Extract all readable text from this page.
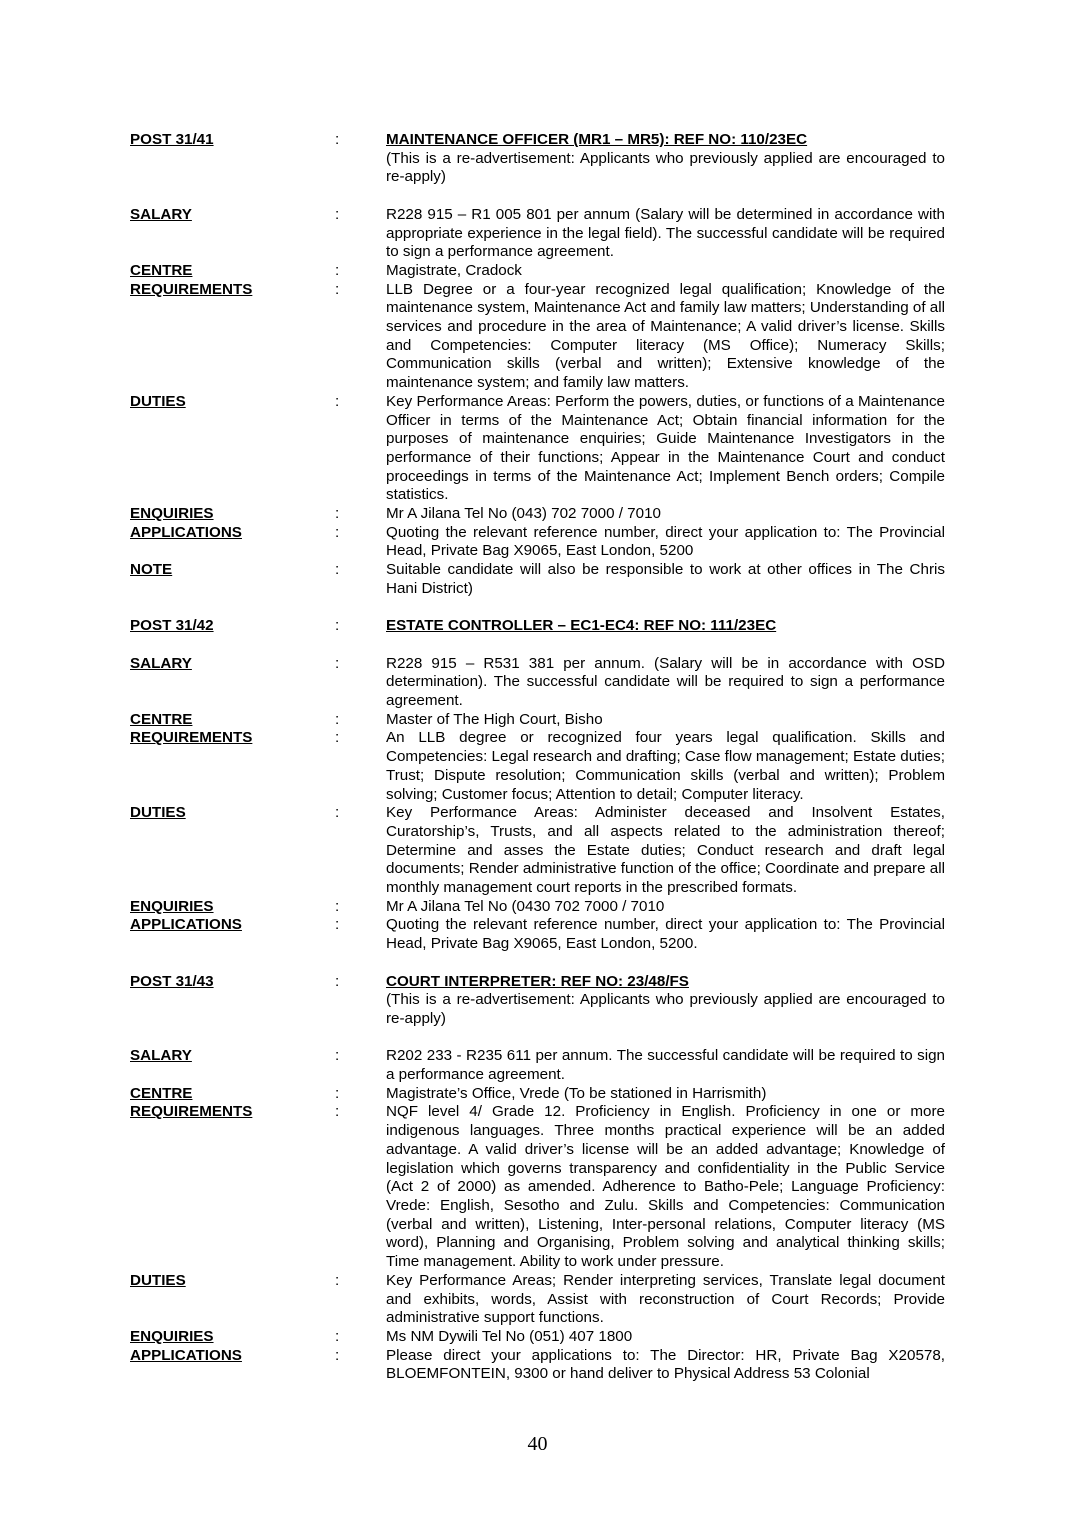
POST 31/41	:	MAINTENANCE OFFICER (MR1 – MR5): REF NO: 110/23EC
(This is a re-advertisement: Applicants who previously applied are encouraged to re-apply)
SALARY	:	R228 915 – R1 005 801 per annum (Salary will be determined in accordance with appropriate experience in the legal field). The successful candidate will be required to sign a performance agreement.
CENTRE	:	Magistrate, Cradock
REQUIREMENTS	:	LLB Degree or a four-year recognized legal qualification; Knowledge of the maintenance system, Maintenance Act and family law matters; Understanding of all services and procedure in the area of Maintenance; A valid driver’s license. Skills and Competencies: Computer literacy (MS Office); Numeracy Skills; Communication skills (verbal and written); Extensive knowledge of the maintenance system; and family law matters.
DUTIES	:	Key Performance Areas: Perform the powers, duties, or functions of a Maintenance Officer in terms of the Maintenance Act; Obtain financial information for the purposes of maintenance enquiries; Guide Maintenance Investigators in the performance of their functions; Appear in the Maintenance Court and conduct proceedings in terms of the Maintenance Act; Implement Bench orders; Compile statistics.
ENQUIRIES	:	Mr A Jilana Tel No (043) 702 7000 / 7010
APPLICATIONS	:	Quoting the relevant reference number, direct your application to: The Provincial Head, Private Bag X9065, East London, 5200
NOTE	:	Suitable candidate will also be responsible to work at other offices in The Chris Hani District)
POST 31/42	:	ESTATE CONTROLLER – EC1-EC4: REF NO: 111/23EC
SALARY	:	R228 915 – R531 381 per annum. (Salary will be in accordance with OSD determination). The successful candidate will be required to sign a performance agreement.
CENTRE	:	Master of The High Court, Bisho
REQUIREMENTS	:	An LLB degree or recognized four years legal qualification. Skills and Competencies: Legal research and drafting; Case flow management; Estate duties; Trust; Dispute resolution; Communication skills (verbal and written); Problem solving; Customer focus; Attention to detail; Computer literacy.
DUTIES	:	Key Performance Areas: Administer deceased and Insolvent Estates, Curatorship’s, Trusts, and all aspects related to the administration thereof; Determine and asses the Estate duties; Conduct research and draft legal documents; Render administrative function of the office; Coordinate and prepare all monthly management court reports in the prescribed formats.
ENQUIRIES	:	Mr A Jilana Tel No (0430 702 7000 / 7010
APPLICATIONS	:	Quoting the relevant reference number, direct your application to: The Provincial Head, Private Bag X9065, East London, 5200.
POST 31/43	:	COURT INTERPRETER: REF NO: 23/48/FS
(This is a re-advertisement: Applicants who previously applied are encouraged to re-apply)
SALARY	:	R202 233 - R235 611 per annum. The successful candidate will be required to sign a performance agreement.
CENTRE	:	Magistrate’s Office, Vrede (To be stationed in Harrismith)
REQUIREMENTS	:	NQF level 4/ Grade 12. Proficiency in English. Proficiency in one or more indigenous languages. Three months practical experience will be an added advantage. A valid driver’s license will be an added advantage; Knowledge of legislation which governs transparency and confidentiality in the Public Service (Act 2 of 2000) as amended. Adherence to Batho-Pele; Language Proficiency: Vrede: English, Sesotho and Zulu. Skills and Competencies: Communication (verbal and written), Listening, Inter-personal relations, Computer literacy (MS word), Planning and Organising, Problem solving and analytical thinking skills; Time management. Ability to work under pressure.
DUTIES	:	Key Performance Areas; Render interpreting services, Translate legal document and exhibits, words, Assist with reconstruction of Court Records; Provide administrative support functions.
ENQUIRIES	:	Ms NM Dywili Tel No (051) 407 1800
APPLICATIONS	:	Please direct your applications to: The Director: HR, Private Bag X20578, BLOEMFONTEIN, 9300 or hand deliver to Physical Address 53 Colonial
40
